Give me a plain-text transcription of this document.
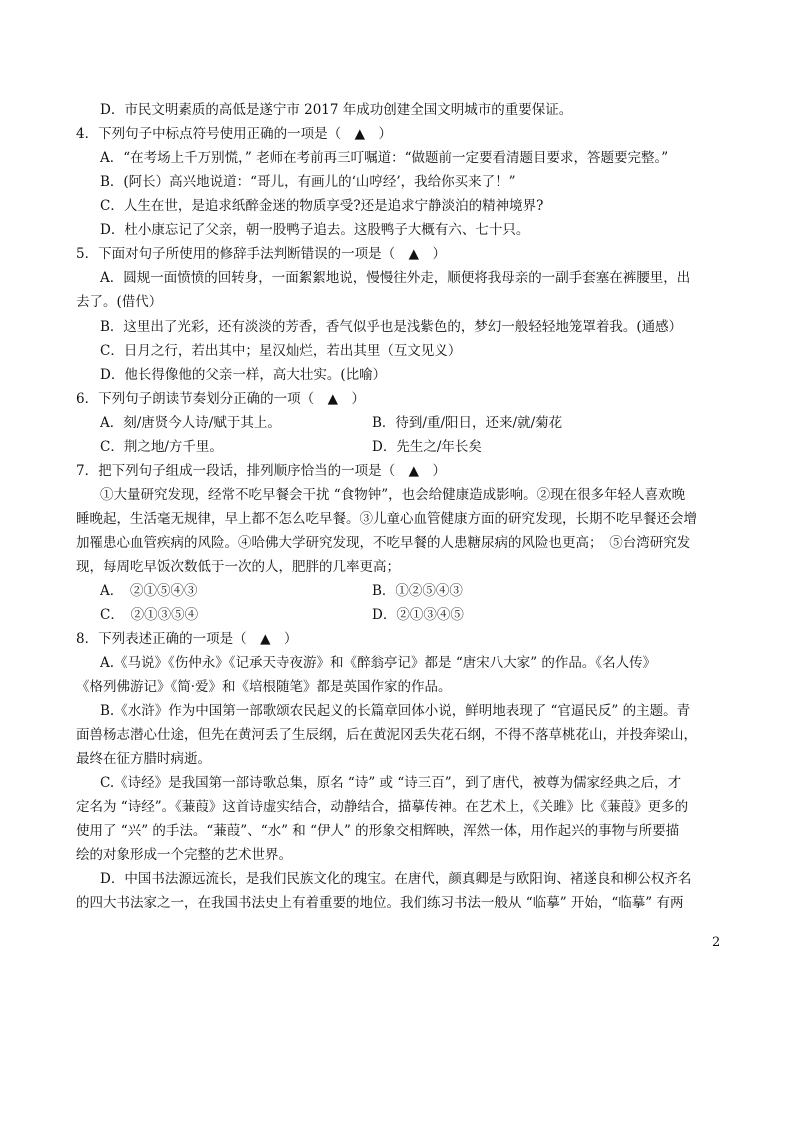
D．市民文明素质的高低是遂宁市 2017 年成功创建全国文明城市的重要保证。
4．下列句子中标点符号使用正确的一项是（　▲　）
A．“在考场上千万别慌，” 老师在考前再三叮嘱道：“做题前一定要看清题目要求，答题要完整。”
B．(阿长）高兴地说道：“哥儿，有画儿的‘山哼经’，我给你买来了！”
C．人生在世，是追求纸醉金迷的物质享受?还是追求宁静淡泊的精神境界?
D．杜小康忘记了父亲，朝一股鸭子追去。这股鸭子大概有六、七十只。
5．下面对句子所使用的修辞手法判断错误的一项是（　▲　）
A．圆规一面愤愤的回转身，一面絮絮地说，慢慢往外走，顺便将我母亲的一副手套塞在裤腰里，出
去了。(借代）
B．这里出了光彩，还有淡淡的芳香，香气似乎也是浅紫色的，梦幻一般轻轻地笼罩着我。(通感）
C．日月之行，若出其中；星汉灿烂，若出其里（互文见义）
D．他长得像他的父亲一样，高大壮实。(比喻）
6．下列句子朗读节奏划分正确的一项（　▲　）
A．刻/唐贤今人诗/赋于其上。	B．待到/重/阳日，还来/就/菊花
C．荆之地/方千里。	D．先生之/年长矣
7．把下列句子组成一段话，排列顺序恰当的一项是（　▲　）
①大量研究发现，经常不吃早餐会干扰 “食物钟”，也会给健康造成影响。②现在很多年轻人喜欢晚
睡晚起，生活毫无规律，早上都不怎么吃早餐。③儿童心血管健康方面的研究发现，长期不吃早餐还会增
加罹患心血管疾病的风险。④哈佛大学研究发现，不吃早餐的人患糖尿病的风险也更高；　⑤台湾研究发
现，每周吃早饭次数低于一次的人，肥胖的几率更高；
A．　②①⑤④③	B．①②⑤④③
C．　②①③⑤④	D．②①③④⑤
8．下列表述正确的一项是（　▲　）
A.《马说》《伤仲永》《记承天寺夜游》和《醉翁亭记》都是 “唐宋八大家” 的作品。《名人传》
《格列佛游记》《简·爱》和《培根随笔》都是英国作家的作品。
B.《水浒》作为中国第一部歌颂农民起义的长篇章回体小说，鲜明地表现了 “官逼民反” 的主题。青
面兽杨志潜心仕途，但先在黄河丢了生辰纲，后在黄泥冈丢失花石纲，不得不落草桃花山，并投奔梁山，
最终在征方腊时病逝。
C.《诗经》是我国第一部诗歌总集，原名 “诗” 或 “诗三百”，到了唐代，被尊为儒家经典之后，才
定名为 “诗经”。《蒹葭》这首诗虚实结合，动静结合，描摹传神。在艺术上，《关雎》比《蒹葭》更多的
使用了 “兴” 的手法。“蒹葭”、“水” 和 “伊人” 的形象交相辉映，浑然一体，用作起兴的事物与所要描
绘的对象形成一个完整的艺术世界。
D．中国书法源远流长，是我们民族文化的瑰宝。在唐代，颜真卿是与欧阳询、褚遂良和柳公权齐名
的四大书法家之一，在我国书法史上有着重要的地位。我们练习书法一般从 “临摹” 开始，“临摹” 有两
2
